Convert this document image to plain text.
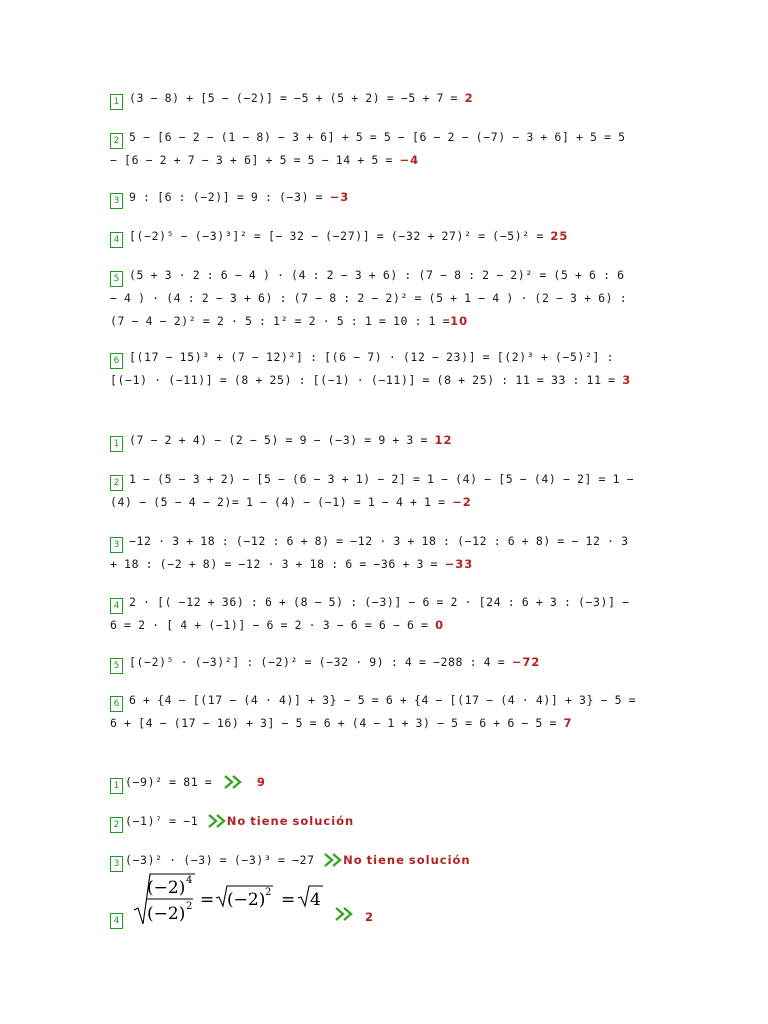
1 (3 − 8) + [5 − (−2)] = −5 + (5 + 2) = −5 + 7 = 2
2 5 − [6 − 2 − (1 − 8) − 3 + 6] + 5 = 5 − [6 − 2 − (−7) − 3 + 6] + 5 = 5 − [6 − 2 + 7 − 3 + 6] + 5 = 5 − 14 + 5 = −4
3 9 : [6 : (−2)] = 9 : (−3) = −3
4 [(−2)⁵ − (−3)³]² = [− 32 − (−27)] = (−32 + 27)² = (−5)² = 25
5 (5 + 3 · 2 : 6 − 4 ) · (4 : 2 − 3 + 6) : (7 − 8 : 2 − 2)² = (5 + 6 : 6 − 4 ) · (4 : 2 − 3 + 6) : (7 − 8 : 2 − 2)² = (5 + 1 − 4 ) · (2 − 3 + 6) : (7 − 4 − 2)² = 2 · 5 : 1² = 2 · 5 : 1 = 10 : 1 =10
6 [(17 − 15)³ + (7 − 12)²] : [(6 − 7) · (12 − 23)] = [(2)³ + (−5)²] : [(−1) · (−11)] = (8 + 25) : [(−1) · (−11)] = (8 + 25) : 11 = 33 : 11 = 3
1 (7 − 2 + 4) − (2 − 5) = 9 − (−3) = 9 + 3 = 12
2 1 − (5 − 3 + 2) − [5 − (6 − 3 + 1) − 2] = 1 − (4) − [5 − (4) − 2] = 1 − (4) − (5 − 4 − 2)= 1 − (4) − (−1) = 1 − 4 + 1 = −2
3 −12 · 3 + 18 : (−12 : 6 + 8) = −12 · 3 + 18 : (−12 : 6 + 8) = − 12 · 3 + 18 : (−2 + 8) = −12 · 3 + 18 : 6 = −36 + 3 = −33
4 2 · [( −12 + 36) : 6 + (8 − 5) : (−3)] − 6 = 2 · [24 : 6 + 3 : (−3)] − 6 = 2 · [ 4 + (−1)] − 6 = 2 · 3 − 6 = 6 − 6 = 0
5 [(−2)⁵ · (−3)²] : (−2)² = (−32 · 9) : 4 = −288 : 4 = −72
6 6 + {4 − [(17 − (4 · 4)] + 3} − 5 = 6 + {4 − [(17 − (4 · 4)] + 3} − 5 = 6 + [4 − (17 − 16) + 3] − 5 = 6 + (4 − 1 + 3) − 5 = 6 + 6 − 5 = 7
1 (−9)² = 81 =	9
2 (−1)⁷ = −1 No tiene solución
3 (−3)² · (−3) = (−3)³ = −27 No tiene solución
4
(−2) 4
(−2) 2 = (−2) 2 = 4
2
